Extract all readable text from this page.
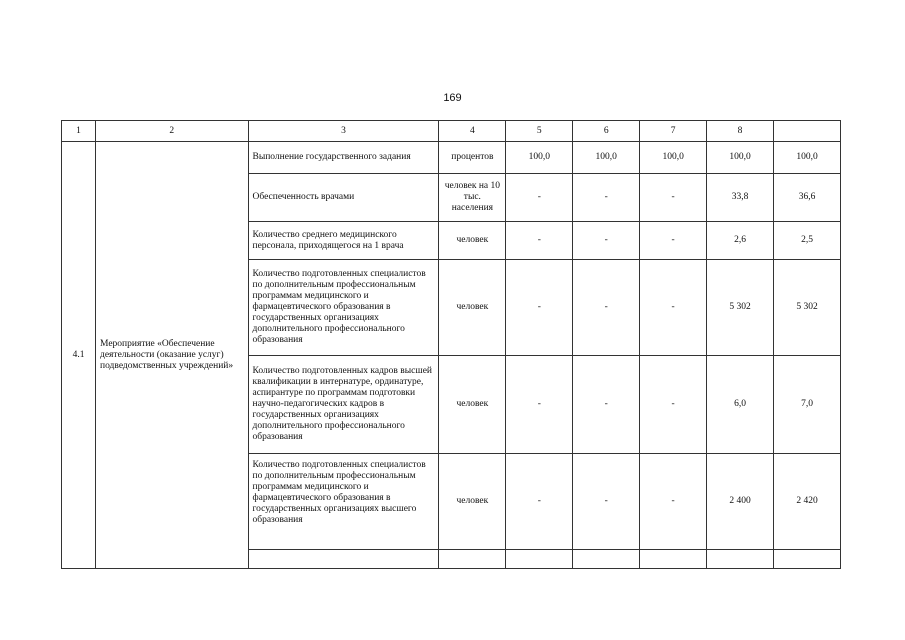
169
1	2	3	4	5	6	7	8	
4.1	Мероприятие «Обеспечение деятельности (оказание услуг) подведомственных учреждений»	Выполнение государственного задания	процентов	100,0	100,0	100,0	100,0	100,0
		Обеспеченность врачами	человек на 10 тыс. населения	-	-	-	33,8	36,6
		Количество среднего медицинского персонала, приходящегося на 1 врача	человек	-	-	-	2,6	2,5
		Количество подготовленных специалистов по дополнительным профессиональным программам медицинского и фармацевтического образования в государственных организациях дополнительного профессионального образования	человек	-	-	-	5 302	5 302
		Количество подготовленных кадров высшей квалификации в интернатуре, ординатуре, аспирантуре по программам подготовки научно-педагогических кадров в государственных организациях дополнительного профессионального образования	человек	-	-	-	6,0	7,0
		Количество подготовленных специалистов по дополнительным профессиональным программам медицинского и фармацевтического образования в государственных организациях высшего образования	человек	-	-	-	2 400	2 420
